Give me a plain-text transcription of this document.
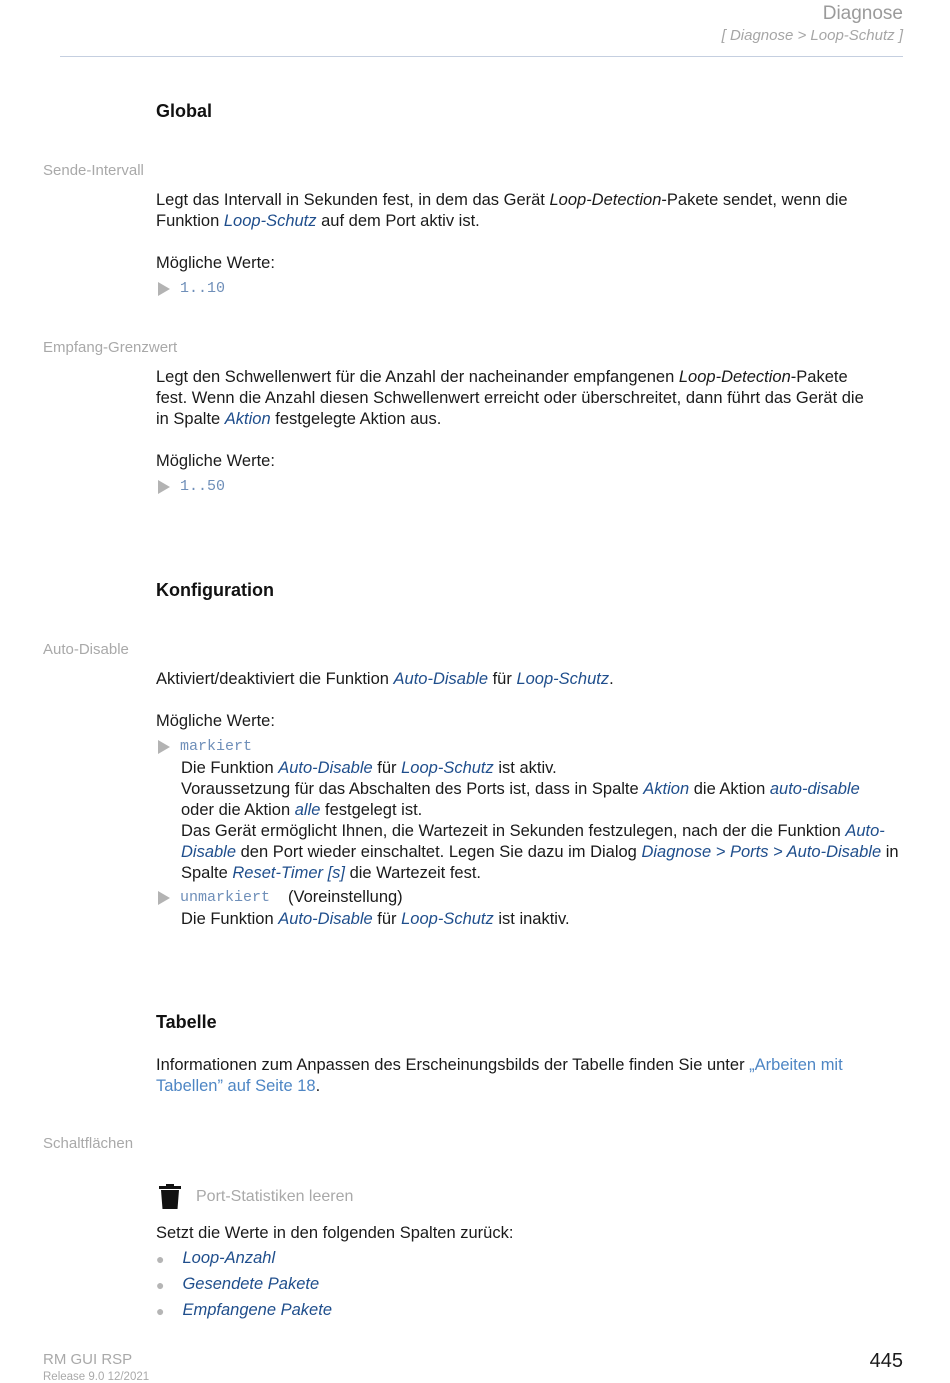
Diagnose
[ Diagnose > Loop-Schutz ]
Global
Sende-Intervall
Legt das Intervall in Sekunden fest, in dem das Gerät Loop-Detection-Pakete sendet, wenn die
Funktion Loop-Schutz auf dem Port aktiv ist.
Mögliche Werte:
1..10
Empfang-Grenzwert
Legt den Schwellenwert für die Anzahl der nacheinander empfangenen Loop-Detection-Pakete
fest. Wenn die Anzahl diesen Schwellenwert erreicht oder überschreitet, dann führt das Gerät die
in Spalte Aktion festgelegte Aktion aus.
Mögliche Werte:
1..50
Konfiguration
Auto-Disable
Aktiviert/deaktiviert die Funktion Auto-Disable für Loop-Schutz.
Mögliche Werte:
markiert
Die Funktion Auto-Disable für Loop-Schutz ist aktiv.
Voraussetzung für das Abschalten des Ports ist, dass in Spalte Aktion die Aktion auto-disable
oder die Aktion alle festgelegt ist.
Das Gerät ermöglicht Ihnen, die Wartezeit in Sekunden festzulegen, nach der die Funktion Auto-
Disable den Port wieder einschaltet. Legen Sie dazu im Dialog Diagnose > Ports > Auto-Disable in
Spalte Reset-Timer [s] die Wartezeit fest.
unmarkiert (Voreinstellung)
Die Funktion Auto-Disable für Loop-Schutz ist inaktiv.
Tabelle
Informationen zum Anpassen des Erscheinungsbilds der Tabelle finden Sie unter „Arbeiten mit
Tabellen” auf Seite 18.
Schaltflächen
Port-Statistiken leeren
Setzt die Werte in den folgenden Spalten zurück:
● Loop-Anzahl
● Gesendete Pakete
● Empfangene Pakete
RM GUI RSP
Release 9.0 12/2021
445
